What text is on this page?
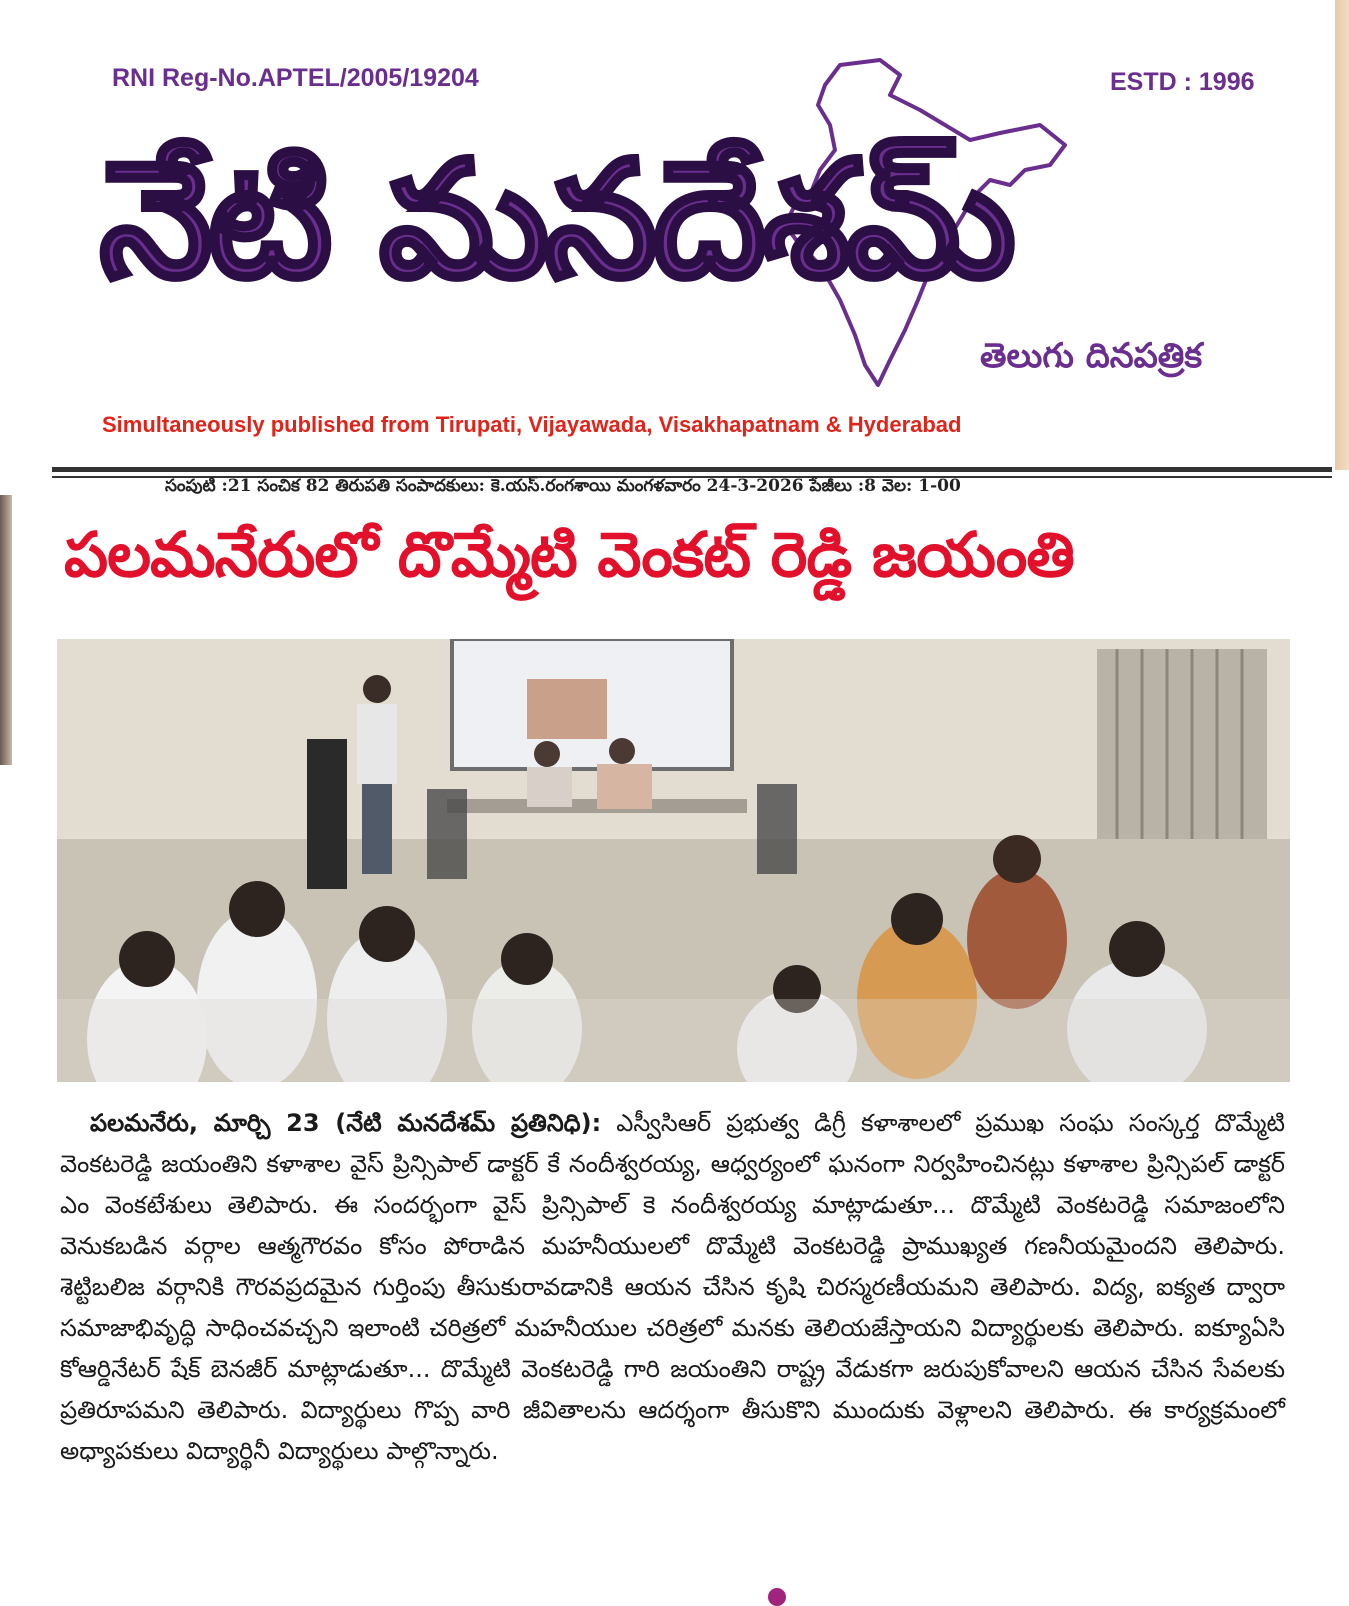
RNI Reg-No.APTEL/2005/19204	ESTD : 1996
నేటి మనదేశమ్
తెలుగు దినపత్రిక
Simultaneously published from Tirupati, Vijayawada, Visakhapatnam & Hyderabad
సంపుటి :21 సంచిక 82 తిరుపతి సంపాదకులు: కె.యస్.రంగశాయి మంగళవారం 24-3-2026 పేజీలు :8 వెల: 1-00
పలమనేరులో దొమ్మేటి వెంకట్ రెడ్డి జయంతి
పలమనేరు, మార్చి 23 (నేటి మనదేశమ్ ప్రతినిధి): ఎస్వీసిఆర్ ప్రభుత్వ డిగ్రీ కళాశాలలో ప్రముఖ సంఘ సంస్కర్త దొమ్మేటి వెంకటరెడ్డి జయంతిని కళాశాల వైస్ ప్రిన్సిపాల్ డాక్టర్ కే నందీశ్వరయ్య, ఆధ్వర్యంలో ఘనంగా నిర్వహించినట్లు కళాశాల ప్రిన్సిపల్ డాక్టర్ ఎం వెంకటేశులు తెలిపారు. ఈ సందర్భంగా వైస్ ప్రిన్సిపాల్ కె నందీశ్వరయ్య మాట్లాడుతూ... దొమ్మేటి వెంకటరెడ్డి సమాజంలోని వెనుకబడిన వర్గాల ఆత్మగౌరవం కోసం పోరాడిన మహనీయులలో దొమ్మేటి వెంకటరెడ్డి ప్రాముఖ్యత గణనీయమైందని తెలిపారు. శెట్టిబలిజ వర్గానికి గౌరవప్రదమైన గుర్తింపు తీసుకురావడానికి ఆయన చేసిన కృషి చిరస్మరణీయమని తెలిపారు. విద్య, ఐక్యత ద్వారా సమాజాభివృద్ధి సాధించవచ్చని ఇలాంటి చరిత్రలో మహనీయుల చరిత్రలో మనకు తెలియజేస్తాయని విద్యార్థులకు తెలిపారు. ఐక్యూఏసి కోఆర్డినేటర్ షేక్ బెనజీర్ మాట్లాడుతూ... దొమ్మేటి వెంకటరెడ్డి గారి జయంతిని రాష్ట్ర వేడుకగా జరుపుకోవాలని ఆయన చేసిన సేవలకు ప్రతిరూపమని తెలిపారు. విద్యార్థులు గొప్ప వారి జీవితాలను ఆదర్శంగా తీసుకొని ముందుకు వెళ్లాలని తెలిపారు. ఈ కార్యక్రమంలో అధ్యాపకులు విద్యార్థినీ విద్యార్థులు పాల్గొన్నారు.
